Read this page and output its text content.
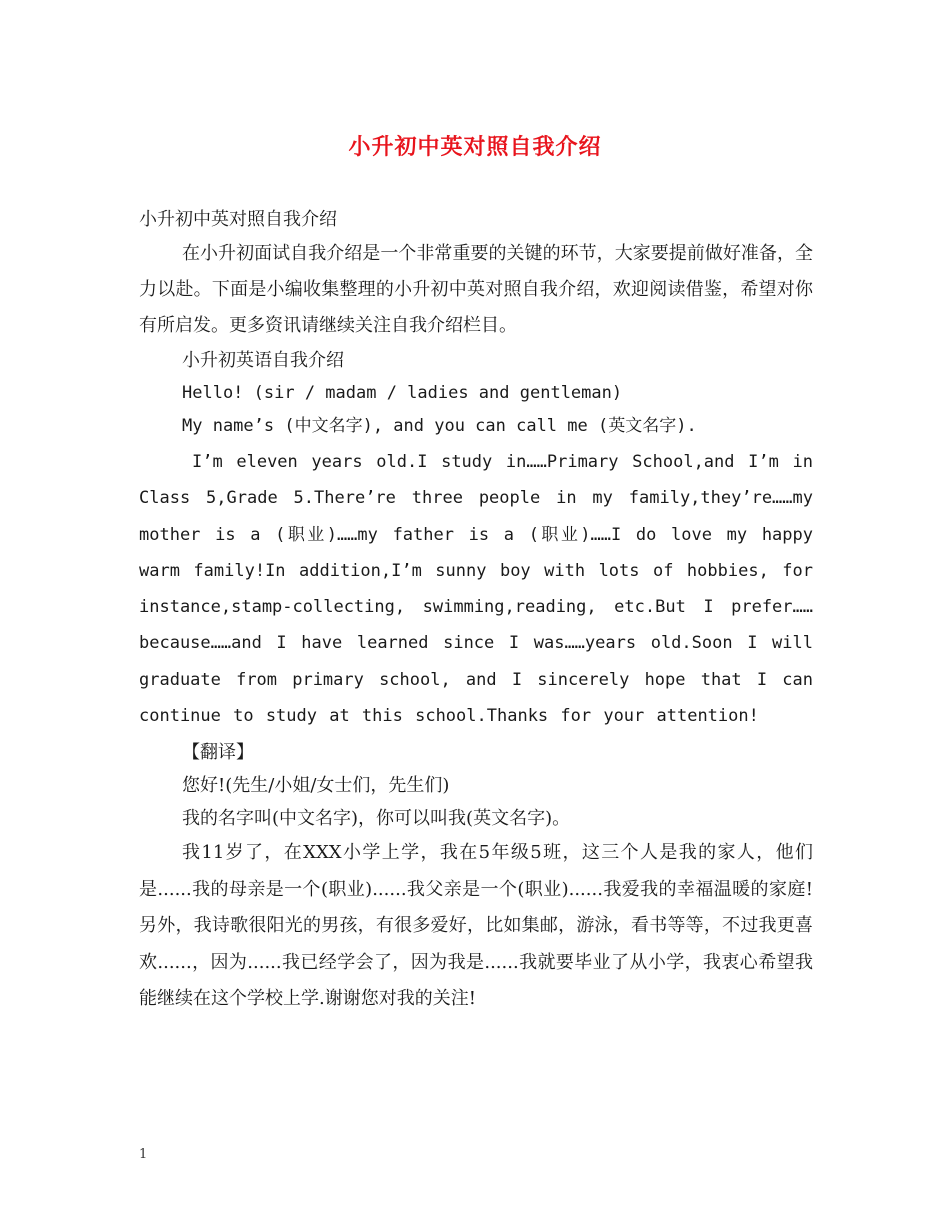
小升初中英对照自我介绍
小升初中英对照自我介绍

在小升初面试自我介绍是一个非常重要的关键的环节，大家要提前做好准备，全力以赴。下面是小编收集整理的小升初中英对照自我介绍，欢迎阅读借鉴，希望对你有所启发。更多资讯请继续关注自我介绍栏目。

小升初英语自我介绍
Hello! (sir / madam / ladies and gentleman)
My name’s (中文名字), and you can call me (英文名字).

I’m eleven years old.I study in……Primary School,and I’m in Class 5,Grade 5.There’re three people in my family,they’re……my mother is a (职业)……my father is a (职业)……I do love my happy warm family!In addition,I’m sunny boy with lots of hobbies, for instance,stamp-collecting, swimming,reading, etc.But I prefer……because……and I have learned since I was……years old.Soon I will graduate from primary school, and I sincerely hope that I can continue to study at this school.Thanks for your attention!

【翻译】
您好!(先生/小姐/女士们，先生们)
我的名字叫(中文名字)，你可以叫我(英文名字)。

我11岁了，在XXX小学上学，我在5年级5班，这三个人是我的家人，他们是......我的母亲是一个(职业)......我父亲是一个(职业)......我爱我的幸福温暖的家庭!另外，我诗歌很阳光的男孩，有很多爱好，比如集邮，游泳，看书等等，不过我更喜欢......，因为......我已经学会了，因为我是......我就要毕业了从小学，我衷心希望我能继续在这个学校上学.谢谢您对我的关注!

1
